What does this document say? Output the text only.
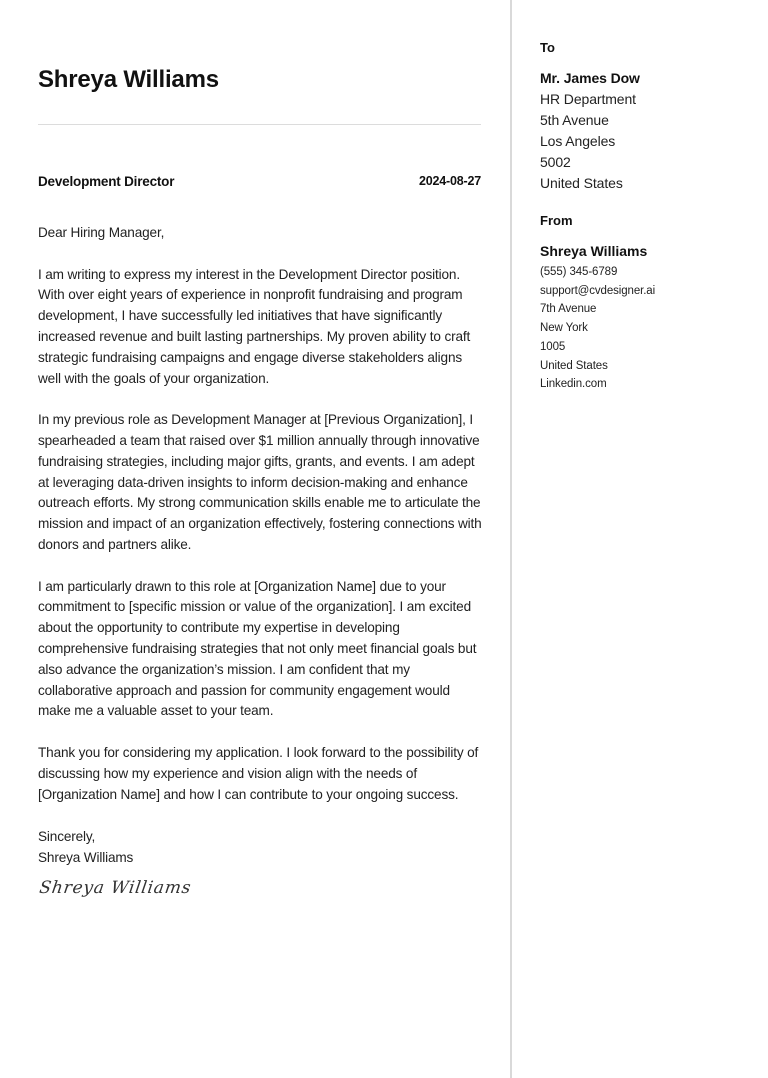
Shreya Williams
Development Director	2024-08-27

Dear Hiring Manager,

I am writing to express my interest in the Development Director position. With over eight years of experience in nonprofit fundraising and program development, I have successfully led initiatives that have significantly increased revenue and built lasting partnerships. My proven ability to craft strategic fundraising campaigns and engage diverse stakeholders aligns well with the goals of your organization.

In my previous role as Development Manager at [Previous Organization], I spearheaded a team that raised over $1 million annually through innovative fundraising strategies, including major gifts, grants, and events. I am adept at leveraging data-driven insights to inform decision-making and enhance outreach efforts. My strong communication skills enable me to articulate the mission and impact of an organization effectively, fostering connections with donors and partners alike.

I am particularly drawn to this role at [Organization Name] due to your commitment to [specific mission or value of the organization]. I am excited about the opportunity to contribute my expertise in developing comprehensive fundraising strategies that not only meet financial goals but also advance the organization’s mission. I am confident that my collaborative approach and passion for community engagement would make me a valuable asset to your team.

Thank you for considering my application. I look forward to the possibility of discussing how my experience and vision align with the needs of [Organization Name] and how I can contribute to your ongoing success.

Sincerely,
Shreya Williams
Shreya Williams
To
Mr. James Dow
HR Department
5th Avenue
Los Angeles
5002
United States
From
Shreya Williams
(555) 345-6789
support@cvdesigner.ai
7th Avenue
New York
1005
United States
Linkedin.com
